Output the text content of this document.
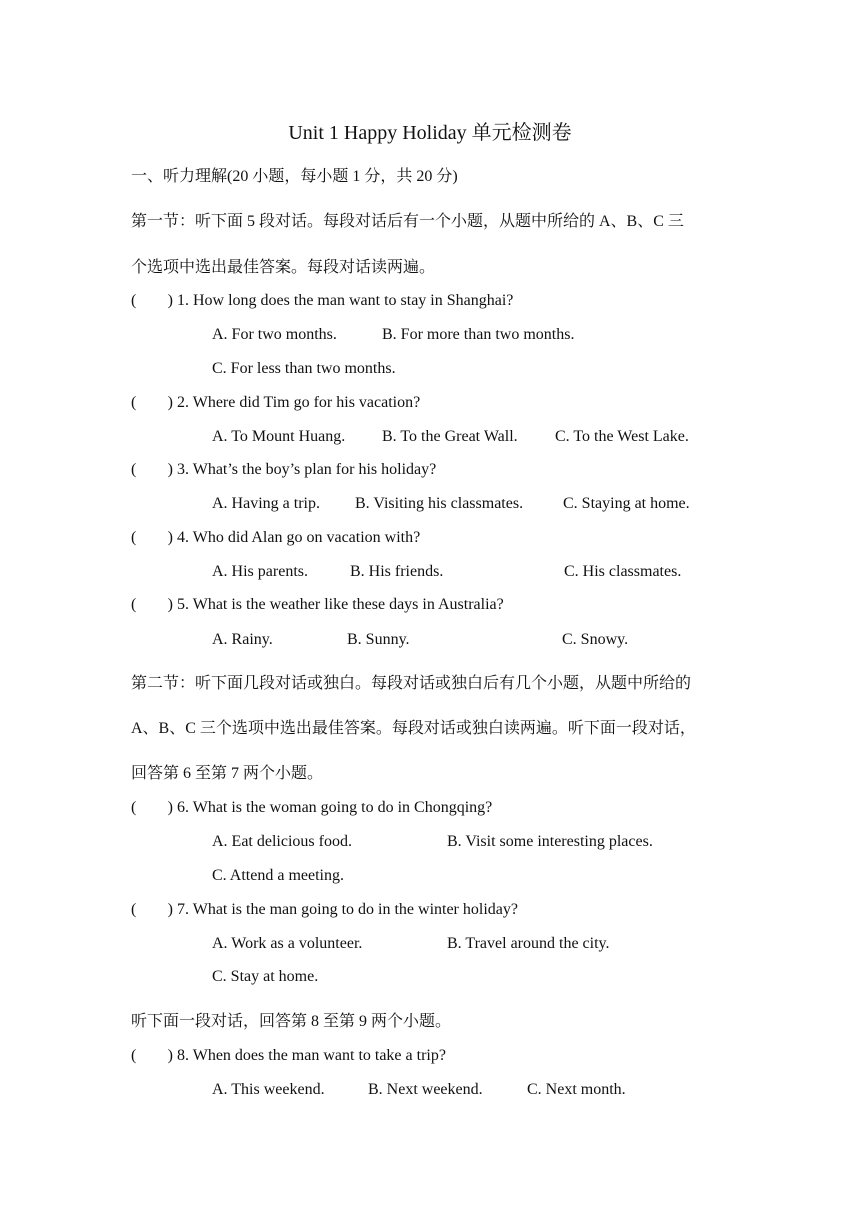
Unit 1 Happy Holiday 单元检测卷
一、听力理解(20 小题，每小题 1 分，共 20 分)
第一节：听下面 5 段对话。每段对话后有一个小题，从题中所给的 A、B、C 三
个选项中选出最佳答案。每段对话读两遍。
( ) 1. How long does the man want to stay in Shanghai?
A. For two months.	B. For more than two months.
C. For less than two months.
( ) 2. Where did Tim go for his vacation?
A. To Mount Huang. B. To the Great Wall. C. To the West Lake.
( ) 3. What’s the boy’s plan for his holiday?
A. Having a trip. B. Visiting his classmates. C. Staying at home.
( ) 4. Who did Alan go on vacation with?
A. His parents.	B. His friends.	C. His classmates.
( ) 5. What is the weather like these days in Australia?
A. Rainy.	B. Sunny.	C. Snowy.
第二节：听下面几段对话或独白。每段对话或独白后有几个小题，从题中所给的
A、B、C 三个选项中选出最佳答案。每段对话或独白读两遍。听下面一段对话，
回答第 6 至第 7 两个小题。
( ) 6. What is the woman going to do in Chongqing?
A. Eat delicious food.	B. Visit some interesting places.
C. Attend a meeting.
( ) 7. What is the man going to do in the winter holiday?
A. Work as a volunteer.	B. Travel around the city.
C. Stay at home.
听下面一段对话，回答第 8 至第 9 两个小题。
( ) 8. When does the man want to take a trip?
A. This weekend.	B. Next weekend.	C. Next month.
